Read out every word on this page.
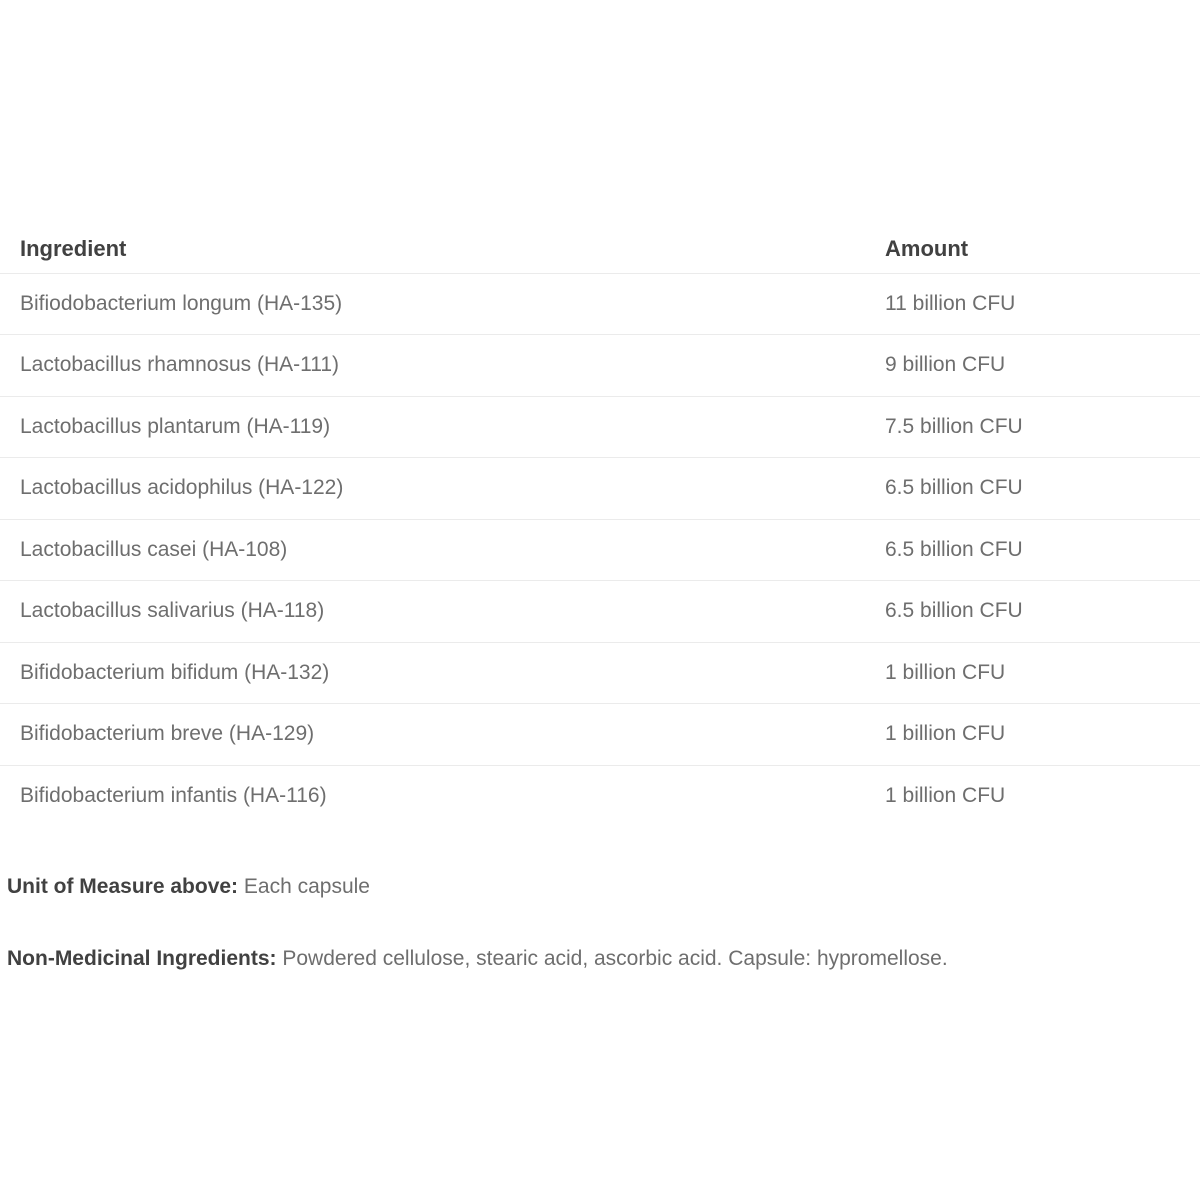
Ingredient	Amount
Bifiodobacterium longum (HA-135)	11 billion CFU
Lactobacillus rhamnosus (HA-111)	9 billion CFU
Lactobacillus plantarum (HA-119)	7.5 billion CFU
Lactobacillus acidophilus (HA-122)	6.5 billion CFU
Lactobacillus casei (HA-108)	6.5 billion CFU
Lactobacillus salivarius (HA-118)	6.5 billion CFU
Bifidobacterium bifidum (HA-132)	1 billion CFU
Bifidobacterium breve (HA-129)	1 billion CFU
Bifidobacterium infantis (HA-116)	1 billion CFU

Unit of Measure above: Each capsule

Non-Medicinal Ingredients: Powdered cellulose, stearic acid, ascorbic acid. Capsule: hypromellose.
